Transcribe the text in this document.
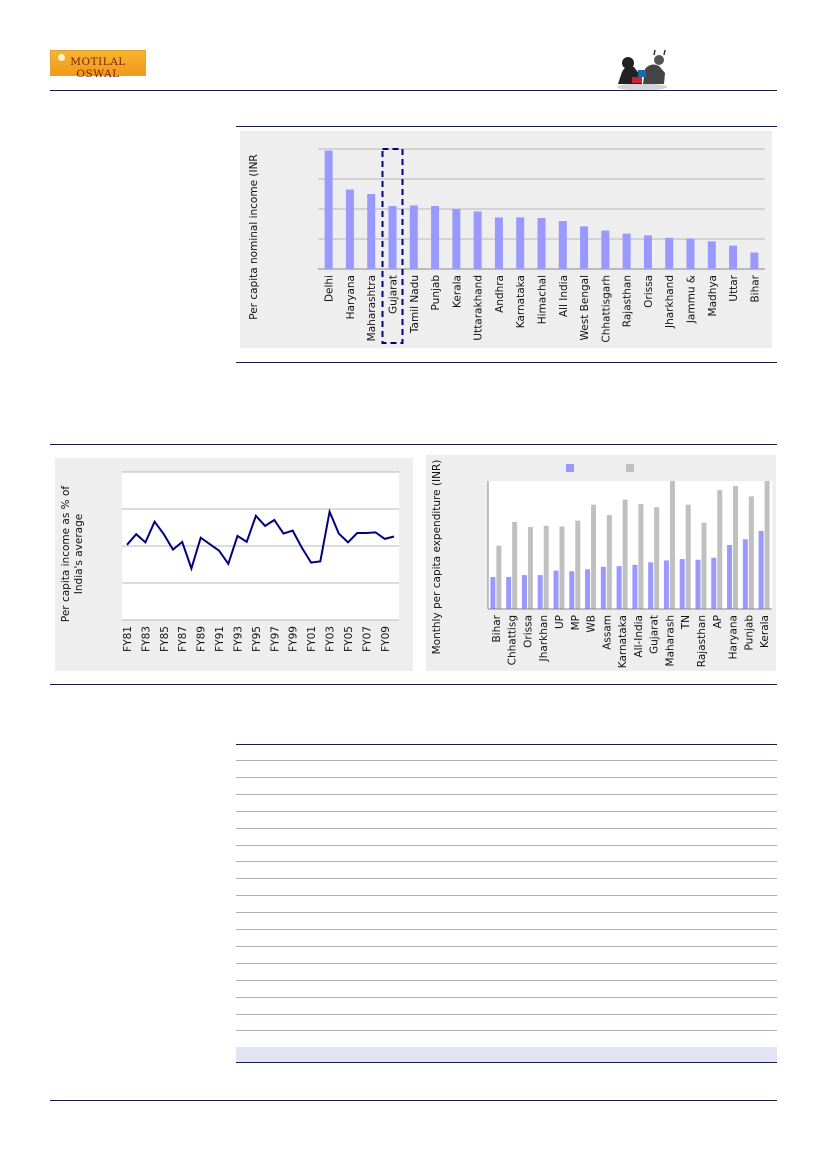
MOTILAL OSWAL
Delhi Haryana Maharashtra Gujarat Tamil Nadu Punjab Kerala Uttarakhand Andhra Karnataka Himachal All India West Bengal Chhattisgarh Rajasthan Orissa Jharkhand Jammu & Madhya Uttar Bihar
Per capita nominal income (INR
FY81 FY83 FY85 FY87 FY89 FY91 FY93 FY95 FY97 FY99 FY01 FY03 FY05 FY07 FY09
Per capita income as % ofIndia's average
Bihar Chhattisg Orissa Jharkhan UP MP WB Assam Karnataka All-India Gujarat Maharash TN Rajasthan AP Haryana Punjab Kerala
Monthly per capita expenditure (INR)
